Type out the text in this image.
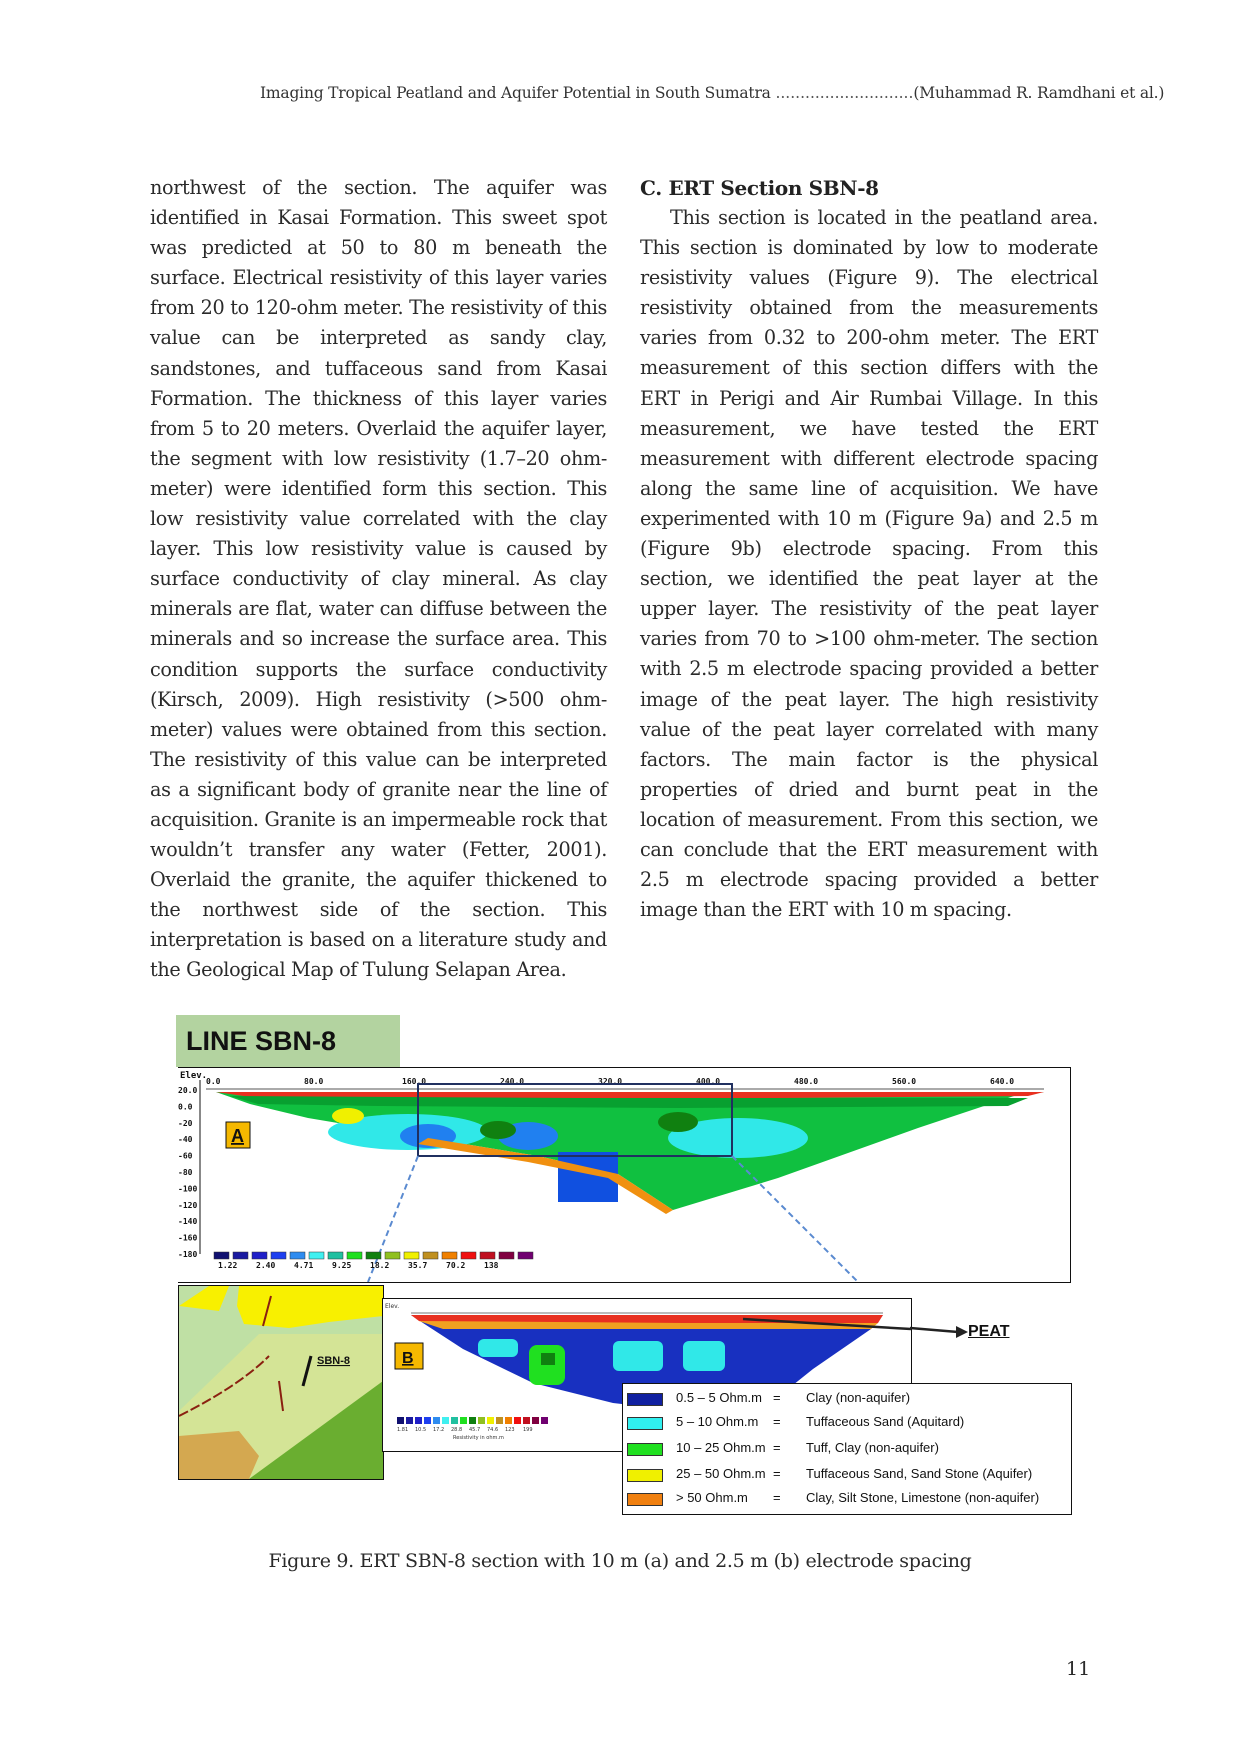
Imaging Tropical Peatland and Aquifer Potential in South Sumatra ............................(Muhammad R. Ramdhani et al.)

northwest of the section. The aquifer was identified in Kasai Formation. This sweet spot was predicted at 50 to 80 m beneath the surface. Electrical resistivity of this layer varies from 20 to 120-ohm meter. The resistivity of this value can be interpreted as sandy clay, sandstones, and tuffaceous sand from Kasai Formation. The thickness of this layer varies from 5 to 20 meters. Overlaid the aquifer layer, the segment with low resistivity (1.7–20 ohm-meter) were identified form this section. This low resistivity value correlated with the clay layer. This low resistivity value is caused by surface conductivity of clay mineral. As clay minerals are flat, water can diffuse between the minerals and so increase the surface area. This condition supports the surface conductivity (Kirsch, 2009). High resistivity (>500 ohm-meter) values were obtained from this section. The resistivity of this value can be interpreted as a significant body of granite near the line of acquisition. Granite is an impermeable rock that wouldn’t transfer any water (Fetter, 2001). Overlaid the granite, the aquifer thickened to the northwest side of the section. This interpretation is based on a literature study and the Geological Map of Tulung Selapan Area.

C. ERT Section SBN-8

This section is located in the peatland area. This section is dominated by low to moderate resistivity values (Figure 9). The electrical resistivity obtained from the measurements varies from 0.32 to 200-ohm meter. The ERT measurement of this section differs with the ERT in Perigi and Air Rumbai Village. In this measurement, we have tested the ERT measurement with different electrode spacing along the same line of acquisition. We have experimented with 10 m (Figure 9a) and 2.5 m (Figure 9b) electrode spacing. From this section, we identified the peat layer at the upper layer. The resistivity of the peat layer varies from 70 to >100 ohm-meter. The section with 2.5 m electrode spacing provided a better image of the peat layer. The high resistivity value of the peat layer correlated with many factors. The main factor is the physical properties of dried and burnt peat in the location of measurement. From this section, we can conclude that the ERT measurement with 2.5 m electrode spacing provided a better image than the ERT with 10 m spacing.

Elev.
20.0
0.0
-20
-40
-60
-80
-100
-120
-140
-160
-180
0.0	80.0	160.0	240.0	320.0	400.0	480.0	560.0	640.0
1.22 2.40 4.71 9.25 18.2 35.7 70.2 138
A
SBN-8
Elev.
B
1.81 10.5 17.2 28.8 45.7 74.6 123 199
Resistivity in ohm.m
PEAT
0.5 – 5 Ohm.m = Clay (non-aquifer)
5 – 10 Ohm.m = Tuffaceous Sand (Aquitard)
10 – 25 Ohm.m = Tuff, Clay (non-aquifer)
25 – 50 Ohm.m = Tuffaceous Sand, Sand Stone (Aquifer)
> 50 Ohm.m = Clay, Silt Stone, Limestone (non-aquifer)
LINE SBN-8
Figure 9. ERT SBN-8 section with 10 m (a) and 2.5 m (b) electrode spacing
11
